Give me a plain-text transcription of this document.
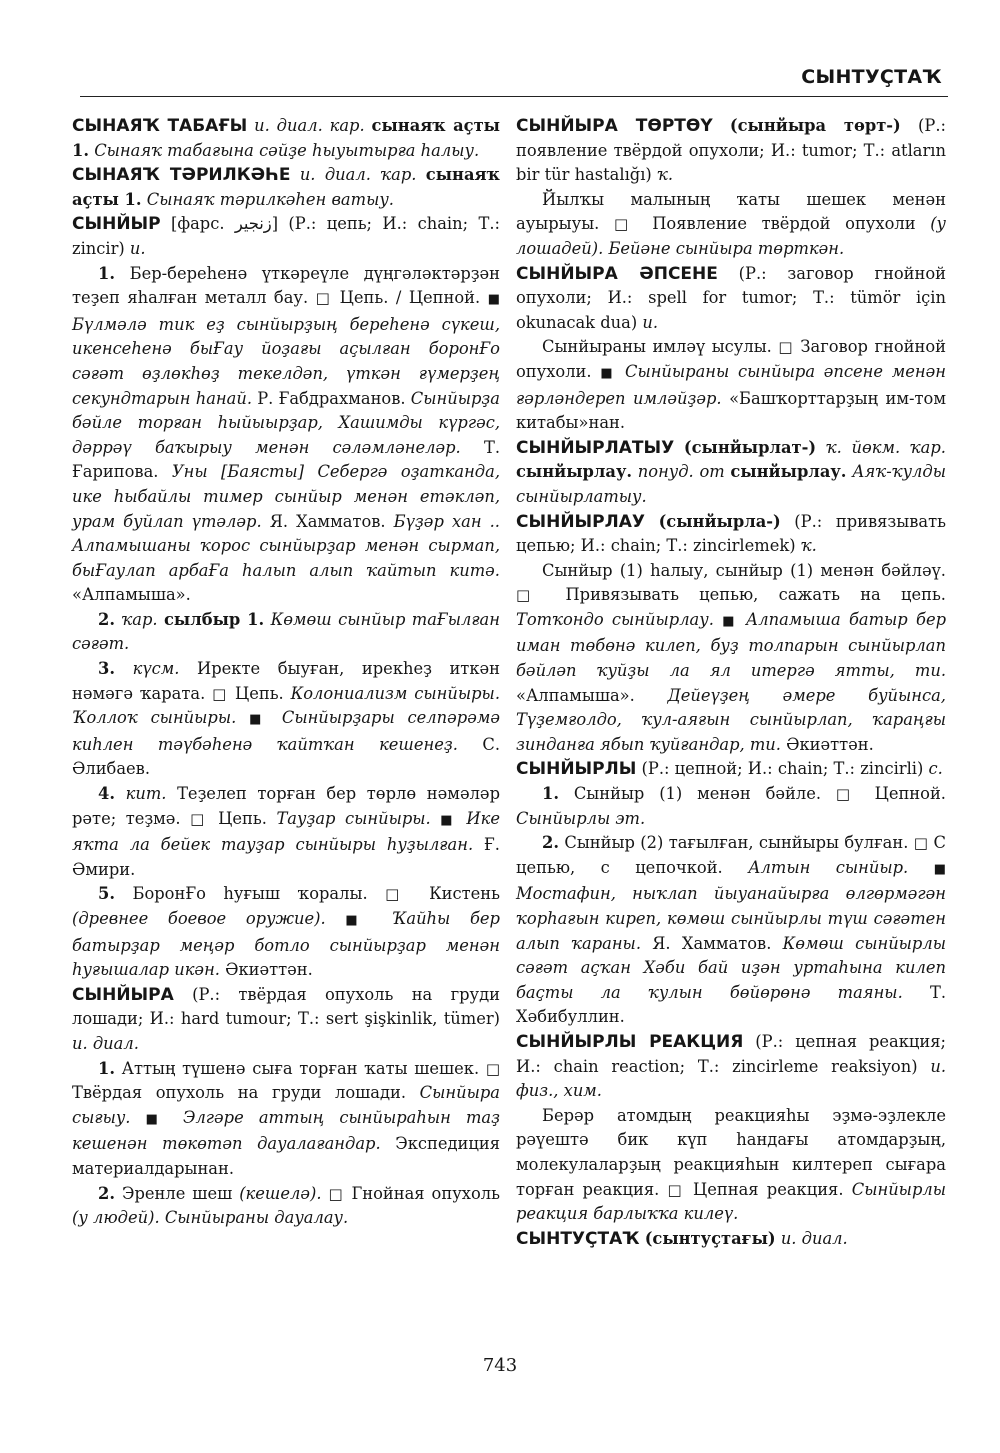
СЫНТУҪТАҠ

СЫНАЯҠ ТАБАҒЫ и. диал. кар. сынаяҡ аҫты 1. Сынаяҡ табағына сәйҙе һыуытырға һалыу.

СЫНАЯҠ ТӘРИЛКӘҺЕ и. диал. ҡар. сынаяҡ аҫты 1. Сынаяҡ тәрилкәһен ватыу.

СЫНЙЫР [фарс. زنجیر] (Р.: цепь; И.: chain; Т.: zincir) и.

1. Бер-береһенә үткәреүле дүңгәләктәрҙән теҙеп яһалған металл бау. □ Цепь. / Цепной. ■ Бүлмәлә тик еҙ сынйырҙың береһенә сүкеш, икенсеһенә быҒау йоҙағы аҫылған боронҒо сәғәт өҙлөкһөҙ текелдәп, үткән ғүмерҙең секундтарын һанай. Р. Ғабдрахманов. Сынйырҙа бәйле торған һыйыырҙар, Хашимды күргәс, дәррәү баҡырыу менән сәләмләнеләр. Т. Ғарипова. Уны [Баясты] Себергә оҙатканда, ике һыбайлы тимер сынйыр менән етәкләп, урам буйлап үтәләр. Я. Хамматов. Бүҙәр хан .. Алпамышаны ҡорос сынйырҙар менән сырмап, быҒаулап арбаҒа һалып алып ҡайтып китә. «Алпамыша».

2. ҡар. сылбыр 1. Көмөш сынйыр таҒылған сәғәт.

3. күсм. Иректе быуған, ирекһеҙ иткән нәмәгә ҡарата. □ Цепь. Колониализм сынйыры. Ҡоллоҡ сынйыры. ■ Сынйырҙары селпәрәмә киһлен тәүбәһенә ҡайтҡан кешенеҙ. С. Әлибаев.

4. кит. Теҙелеп торған бер төрлө нәмәләр рәте; теҙмә. □ Цепь. Тауҙар сынйыры. ■ Ике яҡта ла бейек тауҙар сынйыры һуҙылған. Ғ. Әмири.

5. БоронҒо һуғыш ҡоралы. □ Кистень (древнее боевое оружие). ■ Ҡайһы бер батырҙар меңәр ботло сынйырҙар менән һуғышалар икән. Әкиәттән.

СЫНЙЫРА (Р.: твёрдая опухоль на груди лошади; И.: hard tumour; Т.: sert şişkinlik, tümer) и. диал.

1. Аттың түшенә сыға торған ҡаты шешек. □ Твёрдая опухоль на груди лошади. Сынйыра сығыу. ■ Элгәре аттың сынйыраһын таҙ кешенән төкөтәп дауалағандар. Экспедиция материалдарынан.

2. Эренле шеш (кешелә). □ Гнойная опухоль (у людей). Сынйыраны дауалау.

СЫНЙЫРА ТӨРТӨҮ (сынйыра төрт-) (Р.: появление твёрдой опухоли; И.: tumor; Т.: atların bir tür hastalığı) ҡ.

Йылҡы малының ҡаты шешек менән ауырыуы. □ Появление твёрдой опухоли (у лошадей). Бейәне сынйыра төрткән.

СЫНЙЫРА ӘПСЕНЕ (Р.: заговор гнойной опухоли; И.: spell for tumor; Т.: tümör için okunacak dua) и.

Сынйыраны имләү ысулы. □ Заговор гнойной опухоли. ■ Сынйыраны сынйыра әпсене менән ғәрләндереп имләйҙәр. «Башҡорттарҙың им-том китабы»нан.

СЫНЙЫРЛАТЫУ (сынйырлат-) ҡ. йөкм. ҡар. сынйырлау. понуд. от сынйырлау. Аяҡ-ҡулды сынйырлатыу.

СЫНЙЫРЛАУ (сынйырла-) (Р.: привязывать цепью; И.: chain; Т.: zincirlemek) ҡ.

Сынйыр (1) һалыу, сынйыр (1) менән бәйләү. □ Привязывать цепью, сажать на цепь. Тотҡондо сынйырлау. ■ Алпамыша батыр бер иман төбөнә килеп, буҙ толпарын сынйырлап бәйләп ҡуйҙы ла ял итергә ятты, ти. «Алпамыша». Дейеүҙең әмере буйынса, Түҙемғолдо, ҡул-аяғын сынйырлап, ҡараңғы зинданға ябып ҡуйғандар, ти. Әкиәттән.

СЫНЙЫРЛЫ (Р.: цепной; И.: chain; Т.: zincirli) с.

1. Сынйыр (1) менән бәйле. □ Цепной. Сынйырлы эт.

2. Сынйыр (2) тағылған, сынйыры булған. □ С цепью, с цепочкой. Алтын сынйыр. ■ Мостафин, ныҡлап йыуанайырға өлгөрмәгән ҡорһағын киреп, көмөш сынйырлы түш сәғәтен алып ҡараны. Я. Хамматов. Көмөш сынйырлы сәғәт аҫҡан Хәби бай иҙән уртаһына килеп баҫты ла ҡулын бөйөрөнә таяны. Т. Хәбибуллин.

СЫНЙЫРЛЫ РЕАКЦИЯ (Р.: цепная реакция; И.: chain reaction; Т.: zincirleme reaksiyon) и. физ., хим.

Берәр атомдың реакцияһы эҙмә-эҙлекле рәүештә бик күп һандағы атомдарҙың, молекулаларҙың реакцияһын килтереп сығара торған реакция. □ Цепная реакция. Сынйырлы реакция барлыҡҡа килеү.

СЫНТУҪТАҠ (сынтуҫтағы) и. диал.

743
